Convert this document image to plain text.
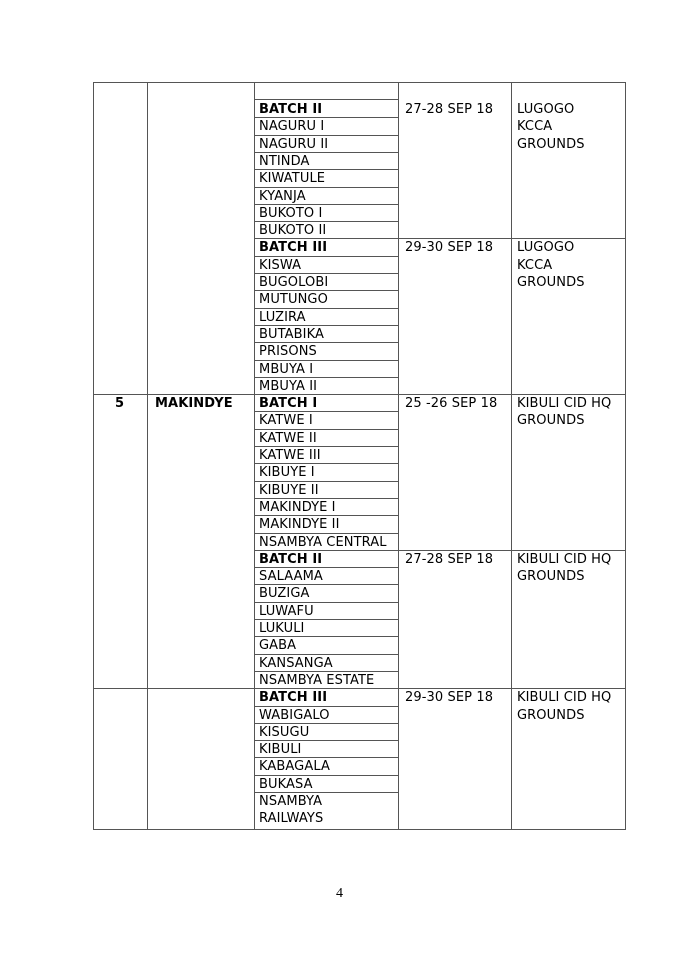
BATCH II
NAGURU I
NAGURU II
NTINDA
KIWATULE
KYANJA
BUKOTO I
BUKOTO II
27-28 SEP 18 LUGOGO
KCCA
GROUNDS
BATCH III
KISWA
BUGOLOBI
MUTUNGO
LUZIRA
BUTABIKA
PRISONS
MBUYA I
MBUYA II
29-30 SEP 18 LUGOGO
KCCA
GROUNDS
5 MAKINDYE BATCH I
KATWE I
KATWE II
KATWE III
KIBUYE I
KIBUYE II
MAKINDYE I
MAKINDYE II
NSAMBYA CENTRAL
25 -26 SEP 18 KIBULI CID HQ
GROUNDS
BATCH II
SALAAMA
BUZIGA
LUWAFU
LUKULI
GABA
KANSANGA
NSAMBYA ESTATE
27-28 SEP 18 KIBULI CID HQ
GROUNDS
BATCH III
WABIGALO
KISUGU
KIBULI
KABAGALA
BUKASA
NSAMBYA RAILWAYS
29-30 SEP 18 KIBULI CID HQ
GROUNDS
4
